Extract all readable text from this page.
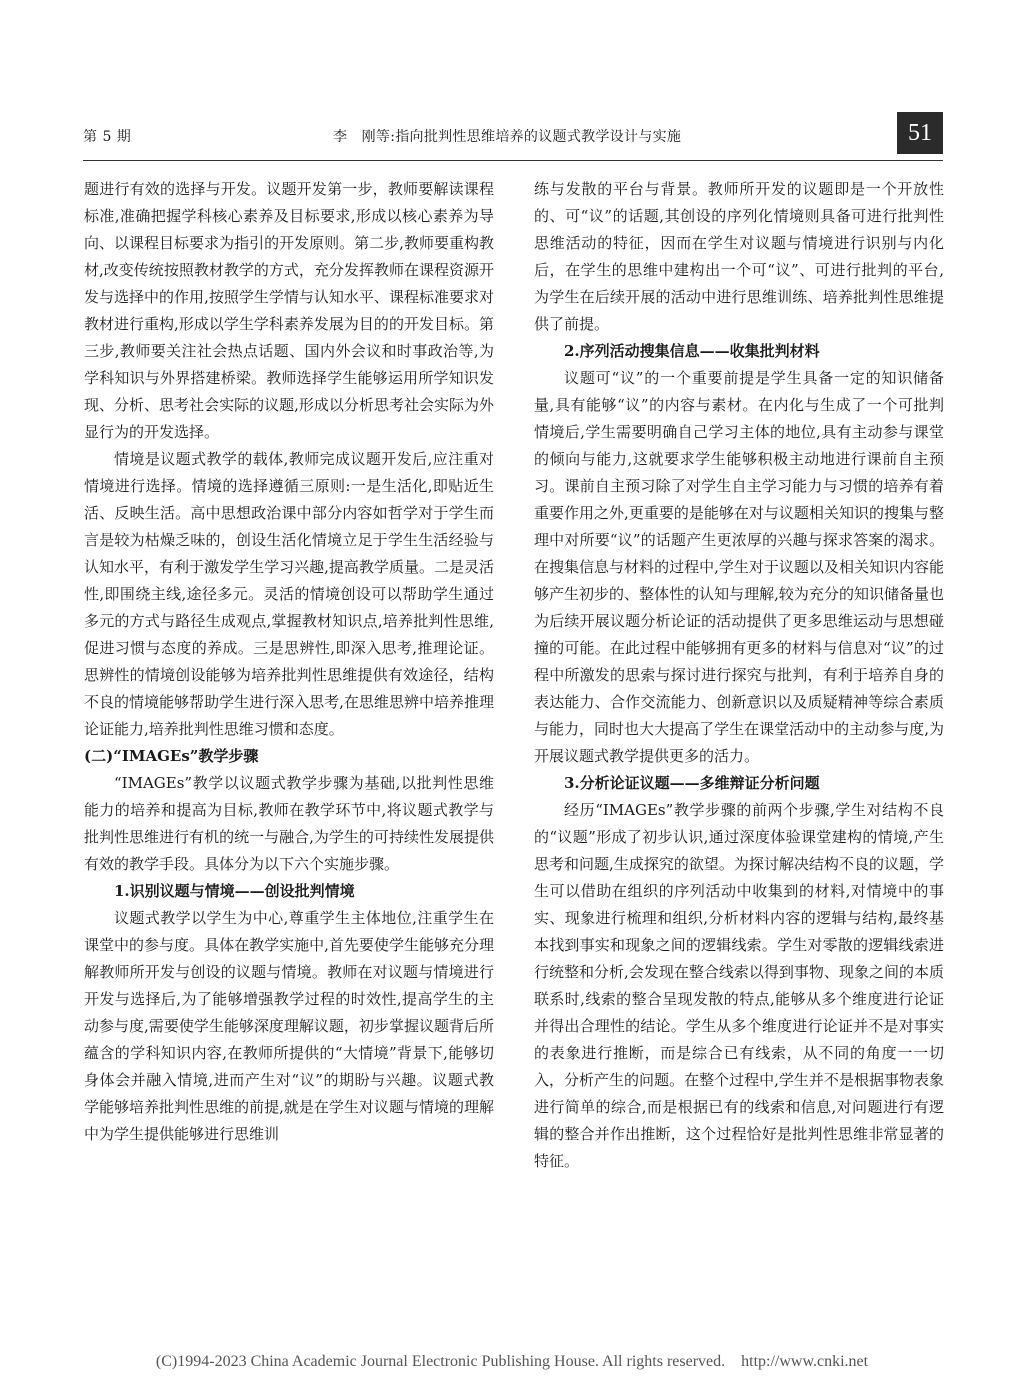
第 5 期	李　刚等:指向批判性思维培养的议题式教学设计与实施	51

题进行有效的选择与开发。议题开发第一步，教师要解读课程标准,准确把握学科核心素养及目标要求,形成以核心素养为导向、以课程目标要求为指引的开发原则。第二步,教师要重构教材,改变传统按照教材教学的方式，充分发挥教师在课程资源开发与选择中的作用,按照学生学情与认知水平、课程标准要求对教材进行重构,形成以学生学科素养发展为目的的开发目标。第三步,教师要关注社会热点话题、国内外会议和时事政治等,为学科知识与外界搭建桥梁。教师选择学生能够运用所学知识发现、分析、思考社会实际的议题,形成以分析思考社会实际为外显行为的开发选择。

情境是议题式教学的载体,教师完成议题开发后,应注重对情境进行选择。情境的选择遵循三原则:一是生活化,即贴近生活、反映生活。高中思想政治课中部分内容如哲学对于学生而言是较为枯燥乏味的，创设生活化情境立足于学生生活经验与认知水平，有利于激发学生学习兴趣,提高教学质量。二是灵活性,即围绕主线,途径多元。灵活的情境创设可以帮助学生通过多元的方式与路径生成观点,掌握教材知识点,培养批判性思维,促进习惯与态度的养成。三是思辨性,即深入思考,推理论证。思辨性的情境创设能够为培养批判性思维提供有效途径，结构不良的情境能够帮助学生进行深入思考,在思维思辨中培养推理论证能力,培养批判性思维习惯和态度。

(二)“IMAGEs”教学步骤

“IMAGEs”教学以议题式教学步骤为基础,以批判性思维能力的培养和提高为目标,教师在教学环节中,将议题式教学与批判性思维进行有机的统一与融合,为学生的可持续性发展提供有效的教学手段。具体分为以下六个实施步骤。

1.识别议题与情境——创设批判情境

议题式教学以学生为中心,尊重学生主体地位,注重学生在课堂中的参与度。具体在教学实施中,首先要使学生能够充分理解教师所开发与创设的议题与情境。教师在对议题与情境进行开发与选择后,为了能够增强教学过程的时效性,提高学生的主动参与度,需要使学生能够深度理解议题，初步掌握议题背后所蕴含的学科知识内容,在教师所提供的“大情境”背景下,能够切身体会并融入情境,进而产生对“议”的期盼与兴趣。议题式教学能够培养批判性思维的前提,就是在学生对议题与情境的理解中为学生提供能够进行思维训

练与发散的平台与背景。教师所开发的议题即是一个开放性的、可“议”的话题,其创设的序列化情境则具备可进行批判性思维活动的特征，因而在学生对议题与情境进行识别与内化后，在学生的思维中建构出一个可“议”、可进行批判的平台,为学生在后续开展的活动中进行思维训练、培养批判性思维提供了前提。

2.序列活动搜集信息——收集批判材料

议题可“议”的一个重要前提是学生具备一定的知识储备量,具有能够“议”的内容与素材。在内化与生成了一个可批判情境后,学生需要明确自己学习主体的地位,具有主动参与课堂的倾向与能力,这就要求学生能够积极主动地进行课前自主预习。课前自主预习除了对学生自主学习能力与习惯的培养有着重要作用之外,更重要的是能够在对与议题相关知识的搜集与整理中对所要“议”的话题产生更浓厚的兴趣与探求答案的渴求。在搜集信息与材料的过程中,学生对于议题以及相关知识内容能够产生初步的、整体性的认知与理解,较为充分的知识储备量也为后续开展议题分析论证的活动提供了更多思维运动与思想碰撞的可能。在此过程中能够拥有更多的材料与信息对“议”的过程中所激发的思索与探讨进行探究与批判，有利于培养自身的表达能力、合作交流能力、创新意识以及质疑精神等综合素质与能力，同时也大大提高了学生在课堂活动中的主动参与度,为开展议题式教学提供更多的活力。

3.分析论证议题——多维辩证分析问题

经历“IMAGEs”教学步骤的前两个步骤,学生对结构不良的“议题”形成了初步认识,通过深度体验课堂建构的情境,产生思考和问题,生成探究的欲望。为探讨解决结构不良的议题，学生可以借助在组织的序列活动中收集到的材料,对情境中的事实、现象进行梳理和组织,分析材料内容的逻辑与结构,最终基本找到事实和现象之间的逻辑线索。学生对零散的逻辑线索进行统整和分析,会发现在整合线索以得到事物、现象之间的本质联系时,线索的整合呈现发散的特点,能够从多个维度进行论证并得出合理性的结论。学生从多个维度进行论证并不是对事实的表象进行推断，而是综合已有线索，从不同的角度一一切入，分析产生的问题。在整个过程中,学生并不是根据事物表象进行简单的综合,而是根据已有的线索和信息,对问题进行有逻辑的整合并作出推断，这个过程恰好是批判性思维非常显著的特征。

(C)1994-2023 China Academic Journal Electronic Publishing House. All rights reserved. http://www.cnki.net
